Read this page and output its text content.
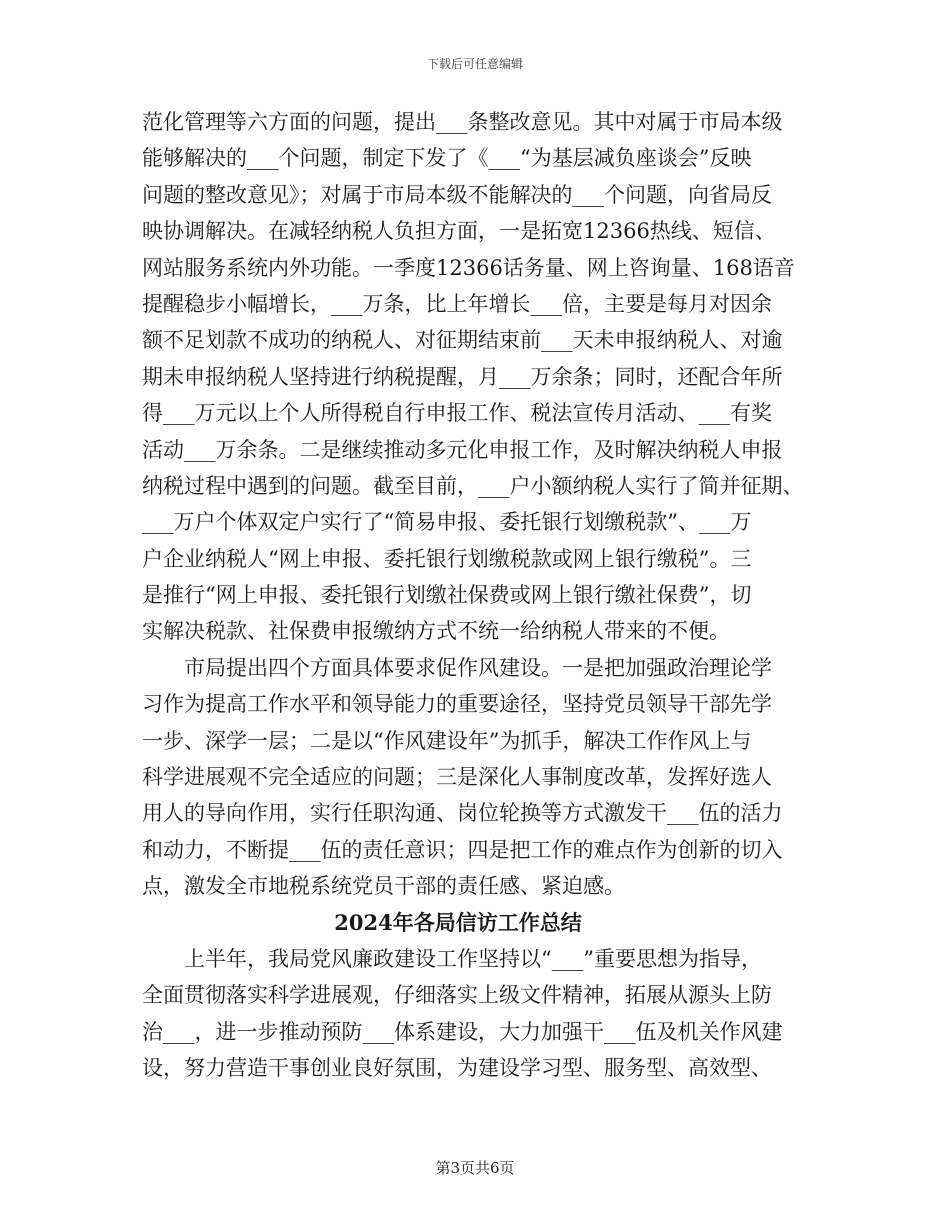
下载后可任意编辑
范化管理等六方面的问题，提出___条整改意见。其中对属于市局本级
能够解决的___个问题，制定下发了《___“为基层减负座谈会”反映
问题的整改意见》；对属于市局本级不能解决的___个问题，向省局反
映协调解决。在减轻纳税人负担方面，一是拓宽12366热线、短信、
网站服务系统内外功能。一季度12366话务量、网上咨询量、168语音
提醒稳步小幅增长，___万条，比上年增长___倍，主要是每月对因余
额不足划款不成功的纳税人、对征期结束前___天未申报纳税人、对逾
期未申报纳税人坚持进行纳税提醒，月___万余条；同时，还配合年所
得___万元以上个人所得税自行申报工作、税法宣传月活动、___有奖
活动___万余条。二是继续推动多元化申报工作，及时解决纳税人申报
纳税过程中遇到的问题。截至目前，___户小额纳税人实行了简并征期、
___万户个体双定户实行了“简易申报、委托银行划缴税款”、___万
户企业纳税人“网上申报、委托银行划缴税款或网上银行缴税”。三
是推行“网上申报、委托银行划缴社保费或网上银行缴社保费”，切
实解决税款、社保费申报缴纳方式不统一给纳税人带来的不便。
市局提出四个方面具体要求促作风建设。一是把加强政治理论学
习作为提高工作水平和领导能力的重要途径，坚持党员领导干部先学
一步、深学一层；二是以“作风建设年”为抓手，解决工作作风上与
科学进展观不完全适应的问题；三是深化人事制度改革，发挥好选人
用人的导向作用，实行任职沟通、岗位轮换等方式激发干___伍的活力
和动力，不断提___伍的责任意识；四是把工作的难点作为创新的切入
点，激发全市地税系统党员干部的责任感、紧迫感。
2024年各局信访工作总结
上半年，我局党风廉政建设工作坚持以“___”重要思想为指导，
全面贯彻落实科学进展观，仔细落实上级文件精神，拓展从源头上防
治___，进一步推动预防___体系建设，大力加强干___伍及机关作风建
设，努力营造干事创业良好氛围，为建设学习型、服务型、高效型、
第3页共6页
